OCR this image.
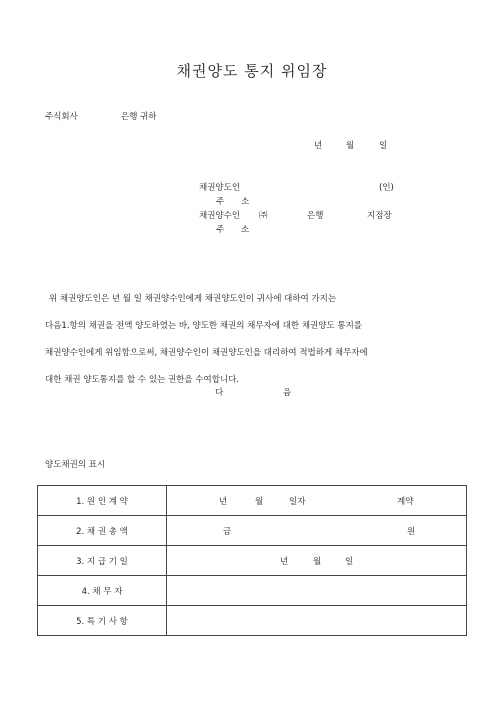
채권양도 통지 위임장
주식회사	은행 귀하
년	월	일
채권양도인	(인)
주 소
채권양수인 ㈜	은행	지점장
주 소
위 채권양도인은 년 월 일 채권양수인에게 채권양도인이 귀사에 대하여 가지는
다음1.항의 채권을 전액 양도하였는 바, 양도한 채권의 채무자에 대한 채권양도 통지를
채권양수인에게 위임함으로써, 채권양수인이 채권양도인을 대리하여 적법하게 채무자에
대한 채권 양도통지를 할 수 있는 권한을 수여합니다.
다	음
양도채권의 표시
1. 원 인 계 약	년 월 일자 계약

2. 채 권 총 액	금 원

3. 지 급 기 일	년 월 일

4. 채 무 자	
5. 특 기 사 항	
